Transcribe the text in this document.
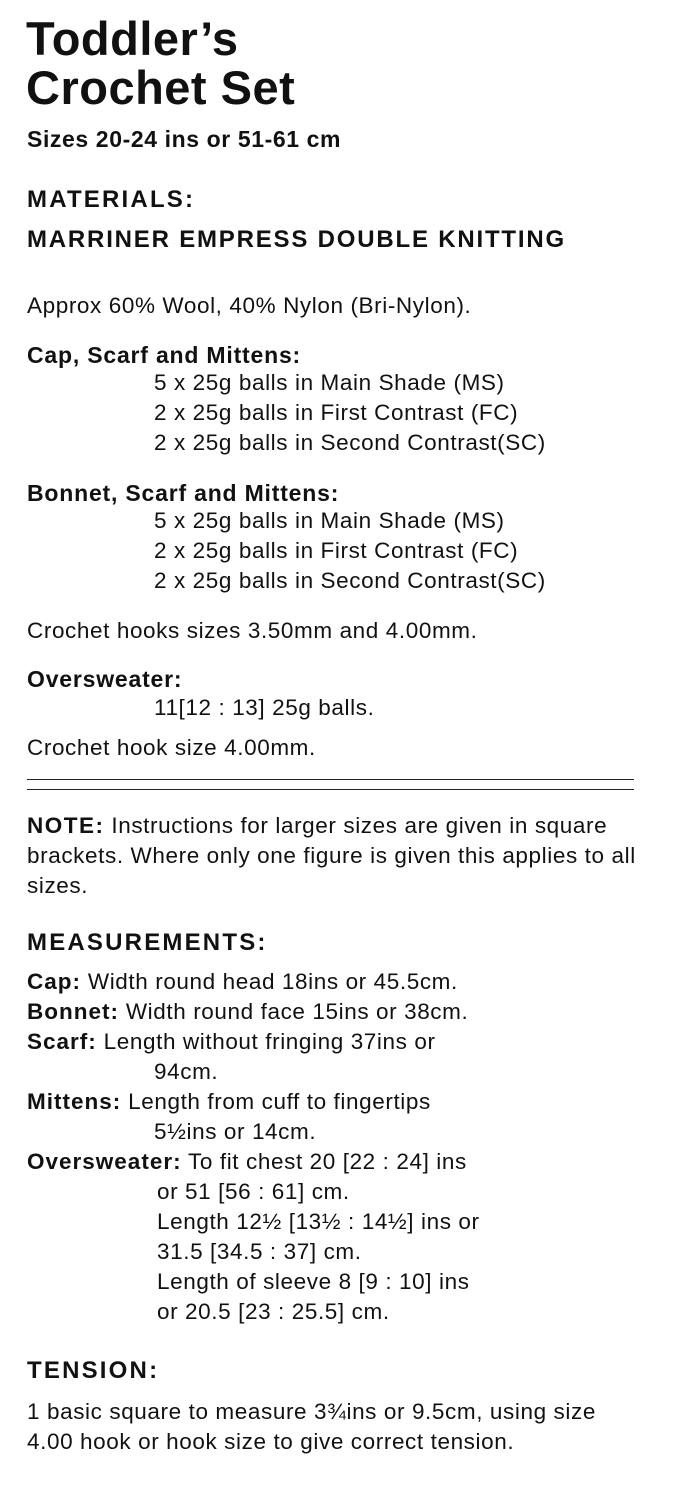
Toddler’s
Crochet Set
Sizes 20-24 ins or 51-61 cm
MATERIALS:
MARRINER EMPRESS DOUBLE KNITTING
Approx 60% Wool, 40% Nylon (Bri-Nylon).
Cap, Scarf and Mittens:
5 x 25g balls in Main Shade (MS)
2 x 25g balls in First Contrast (FC)
2 x 25g balls in Second Contrast(SC)
Bonnet, Scarf and Mittens:
5 x 25g balls in Main Shade (MS)
2 x 25g balls in First Contrast (FC)
2 x 25g balls in Second Contrast(SC)
Crochet hooks sizes 3.50mm and 4.00mm.
Oversweater:
11[12 : 13] 25g balls.
Crochet hook size 4.00mm.
NOTE: Instructions for larger sizes are given in square brackets. Where only one figure is given this applies to all sizes.
MEASUREMENTS:
Cap: Width round head 18ins or 45.5cm.
Bonnet: Width round face 15ins or 38cm.
Scarf: Length without fringing 37ins or
94cm.
Mittens: Length from cuff to fingertips
5½ins or 14cm.
Oversweater: To fit chest 20 [22 : 24] ins
or 51 [56 : 61] cm.
Length 12½ [13½ : 14½] ins or
31.5 [34.5 : 37] cm.
Length of sleeve 8 [9 : 10] ins
or 20.5 [23 : 25.5] cm.
TENSION:
1 basic square to measure 3¾ins or 9.5cm, using size 4.00 hook or hook size to give correct tension.
